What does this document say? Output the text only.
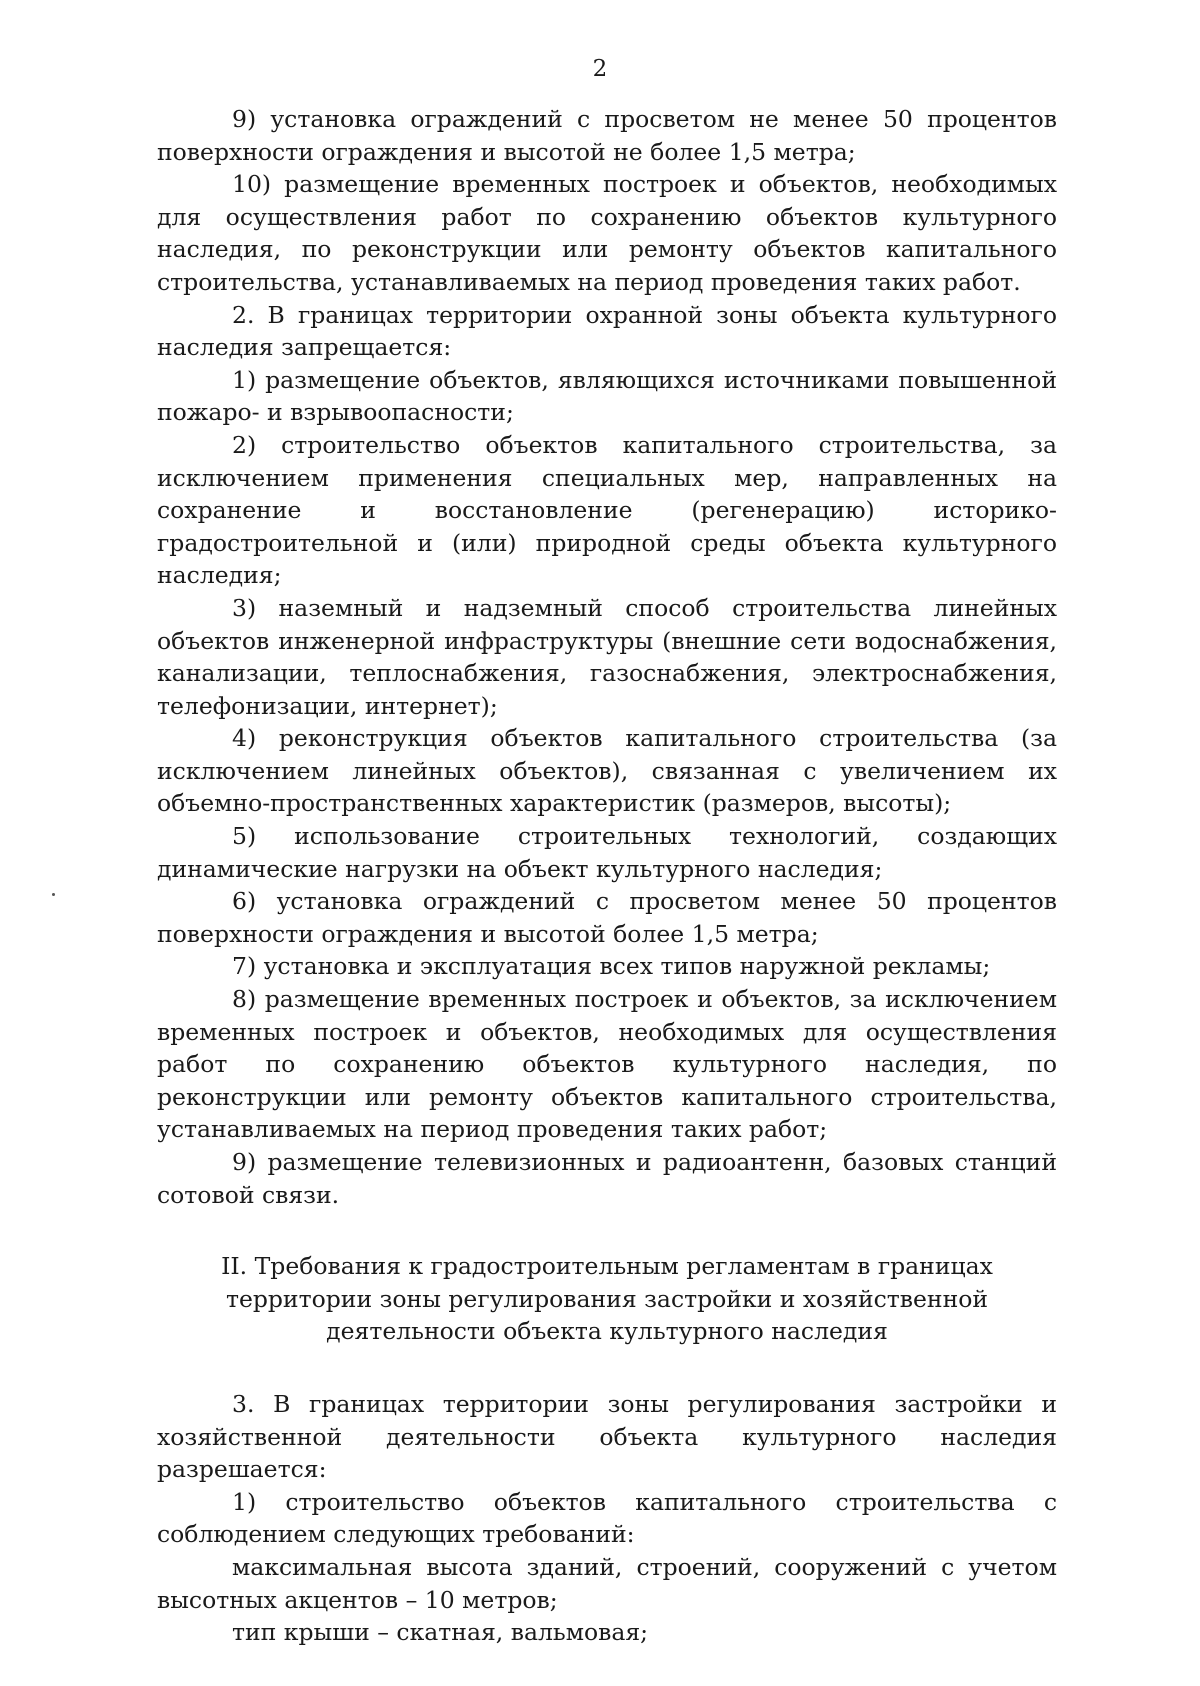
2

9) установка ограждений с просветом не менее 50 процентов поверхности ограждения и высотой не более 1,5 метра;

10) размещение временных построек и объектов, необходимых для осуществления работ по сохранению объектов культурного наследия, по реконструкции или ремонту объектов капитального строительства, устанавливаемых на период проведения таких работ.

2. В границах территории охранной зоны объекта культурного наследия запрещается:

1) размещение объектов, являющихся источниками повышенной пожаро- и взрывоопасности;

2) строительство объектов капитального строительства, за исключением применения специальных мер, направленных на сохранение и восстановление (регенерацию) историко-градостроительной и (или) природной среды объекта культурного наследия;

3) наземный и надземный способ строительства линейных объектов инженерной инфраструктуры (внешние сети водоснабжения, канализации, теплоснабжения, газоснабжения, электроснабжения, телефонизации, интернет);

4) реконструкция объектов капитального строительства (за исключением линейных объектов), связанная с увеличением их объемно-пространственных характеристик (размеров, высоты);

5) использование строительных технологий, создающих динамические нагрузки на объект культурного наследия;

6) установка ограждений с просветом менее 50 процентов поверхности ограждения и высотой более 1,5 метра;

7) установка и эксплуатация всех типов наружной рекламы;

8) размещение временных построек и объектов, за исключением временных построек и объектов, необходимых для осуществления работ по сохранению объектов культурного наследия, по реконструкции или ремонту объектов капитального строительства, устанавливаемых на период проведения таких работ;

9) размещение телевизионных и радиоантенн, базовых станций сотовой связи.

II. Требования к градостроительным регламентам в границах территории зоны регулирования застройки и хозяйственной деятельности объекта культурного наследия

3. В границах территории зоны регулирования застройки и хозяйственной деятельности объекта культурного наследия разрешается:

1) строительство объектов капитального строительства с соблюдением следующих требований:

максимальная высота зданий, строений, сооружений с учетом высотных акцентов – 10 метров;

тип крыши – скатная, вальмовая;
